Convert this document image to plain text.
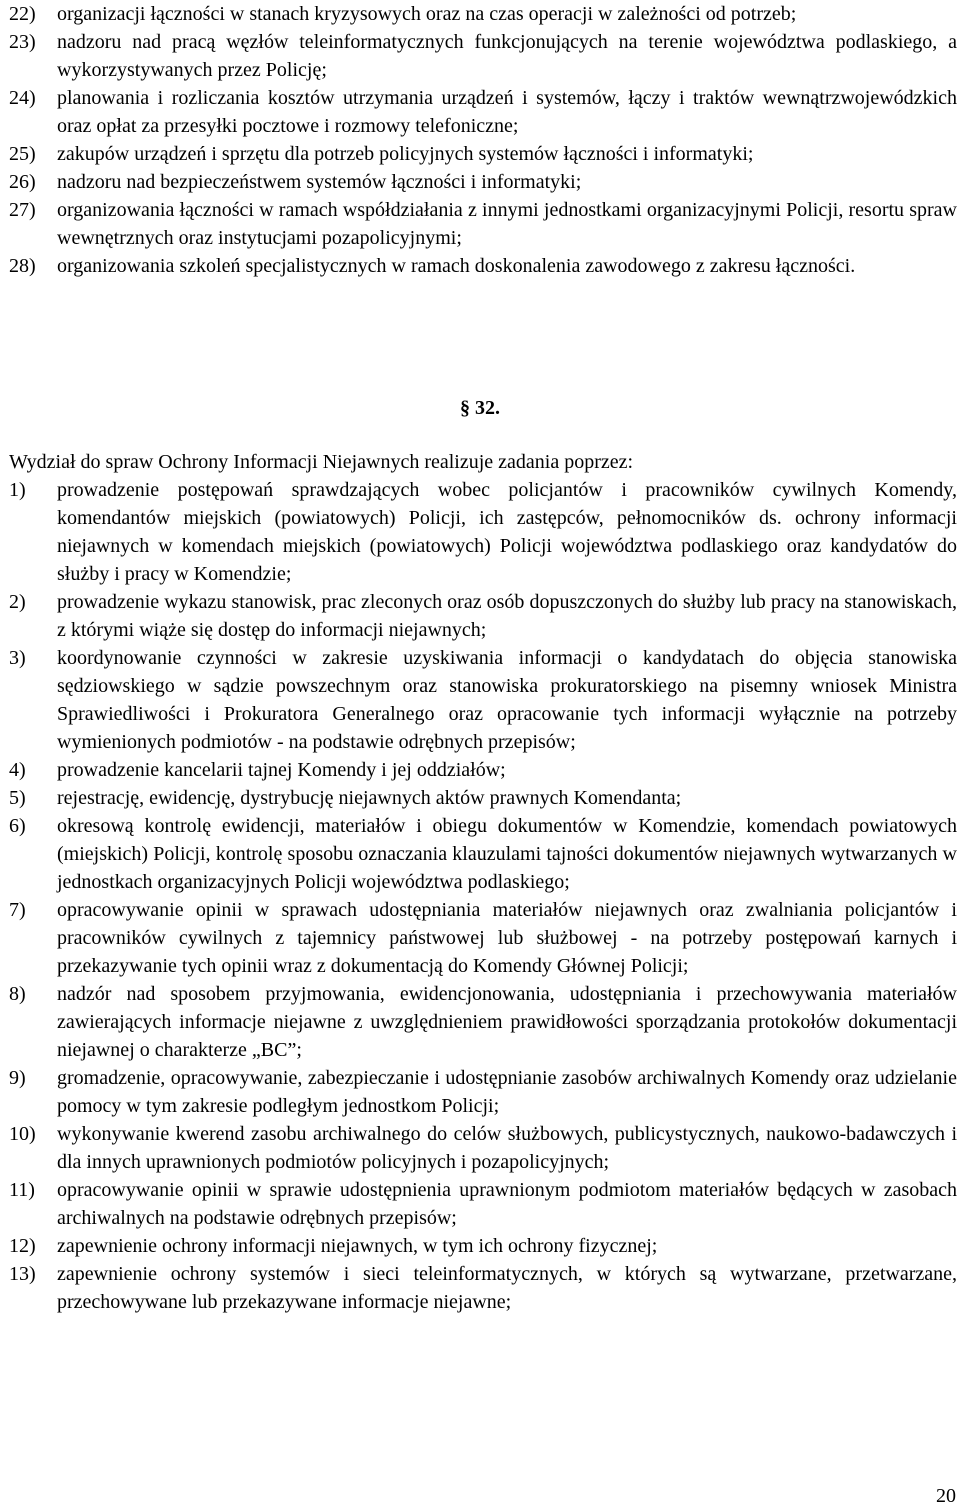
22)	organizacji łączności w stanach kryzysowych oraz na czas operacji w zależności od potrzeb;
23)	nadzoru nad pracą węzłów teleinformatycznych funkcjonujących na terenie województwa podlaskiego, a wykorzystywanych przez Policję;
24)	planowania i rozliczania kosztów utrzymania urządzeń i systemów, łączy i traktów wewnątrzwojewódzkich oraz opłat za przesyłki pocztowe i rozmowy telefoniczne;
25)	zakupów urządzeń i sprzętu dla potrzeb policyjnych systemów łączności i informatyki;
26)	nadzoru nad bezpieczeństwem systemów łączności i informatyki;
27)	organizowania łączności w ramach współdziałania z innymi jednostkami organizacyjnymi Policji, resortu spraw wewnętrznych oraz instytucjami pozapolicyjnymi;
28)	organizowania szkoleń specjalistycznych w ramach doskonalenia zawodowego z zakresu łączności.
§ 32.
Wydział do spraw Ochrony Informacji Niejawnych realizuje zadania poprzez:
1)	prowadzenie postępowań sprawdzających wobec policjantów i pracowników cywilnych Komendy, komendantów miejskich (powiatowych) Policji, ich zastępców, pełnomocników ds. ochrony informacji niejawnych w komendach miejskich (powiatowych) Policji województwa podlaskiego oraz kandydatów do służby i pracy w Komendzie;
2)	prowadzenie wykazu stanowisk, prac zleconych oraz osób dopuszczonych do służby lub pracy na stanowiskach, z którymi wiąże się dostęp do informacji niejawnych;
3)	koordynowanie czynności w zakresie uzyskiwania informacji o kandydatach do objęcia stanowiska sędziowskiego w sądzie powszechnym oraz stanowiska prokuratorskiego na pisemny wniosek Ministra Sprawiedliwości i Prokuratora Generalnego oraz opracowanie tych informacji wyłącznie na potrzeby wymienionych podmiotów - na podstawie odrębnych przepisów;
4)	prowadzenie kancelarii tajnej Komendy i jej oddziałów;
5)	rejestrację, ewidencję, dystrybucję niejawnych aktów prawnych Komendanta;
6)	okresową kontrolę ewidencji, materiałów i obiegu dokumentów w Komendzie, komendach powiatowych (miejskich) Policji, kontrolę sposobu oznaczania klauzulami tajności dokumentów niejawnych wytwarzanych w jednostkach organizacyjnych Policji województwa podlaskiego;
7)	opracowywanie opinii w sprawach udostępniania materiałów niejawnych oraz zwalniania policjantów i pracowników cywilnych z tajemnicy państwowej lub służbowej - na potrzeby postępowań karnych i przekazywanie tych opinii wraz z dokumentacją do Komendy Głównej Policji;
8)	nadzór nad sposobem przyjmowania, ewidencjonowania, udostępniania i przechowywania materiałów zawierających informacje niejawne z uwzględnieniem prawidłowości sporządzania protokołów dokumentacji niejawnej o charakterze „BC”;
9)	gromadzenie, opracowywanie, zabezpieczanie i udostępnianie zasobów archiwalnych Komendy oraz udzielanie pomocy w tym zakresie podległym jednostkom Policji;
10)	wykonywanie kwerend zasobu archiwalnego do celów służbowych, publicystycznych, naukowo-badawczych i dla innych uprawnionych podmiotów policyjnych i pozapolicyjnych;
11)	opracowywanie opinii w sprawie udostępnienia uprawnionym podmiotom materiałów będących w zasobach archiwalnych na podstawie odrębnych przepisów;
12)	zapewnienie ochrony informacji niejawnych, w tym ich ochrony fizycznej;
13)	zapewnienie ochrony systemów i sieci teleinformatycznych, w których są wytwarzane, przetwarzane, przechowywane lub przekazywane informacje niejawne;
20
